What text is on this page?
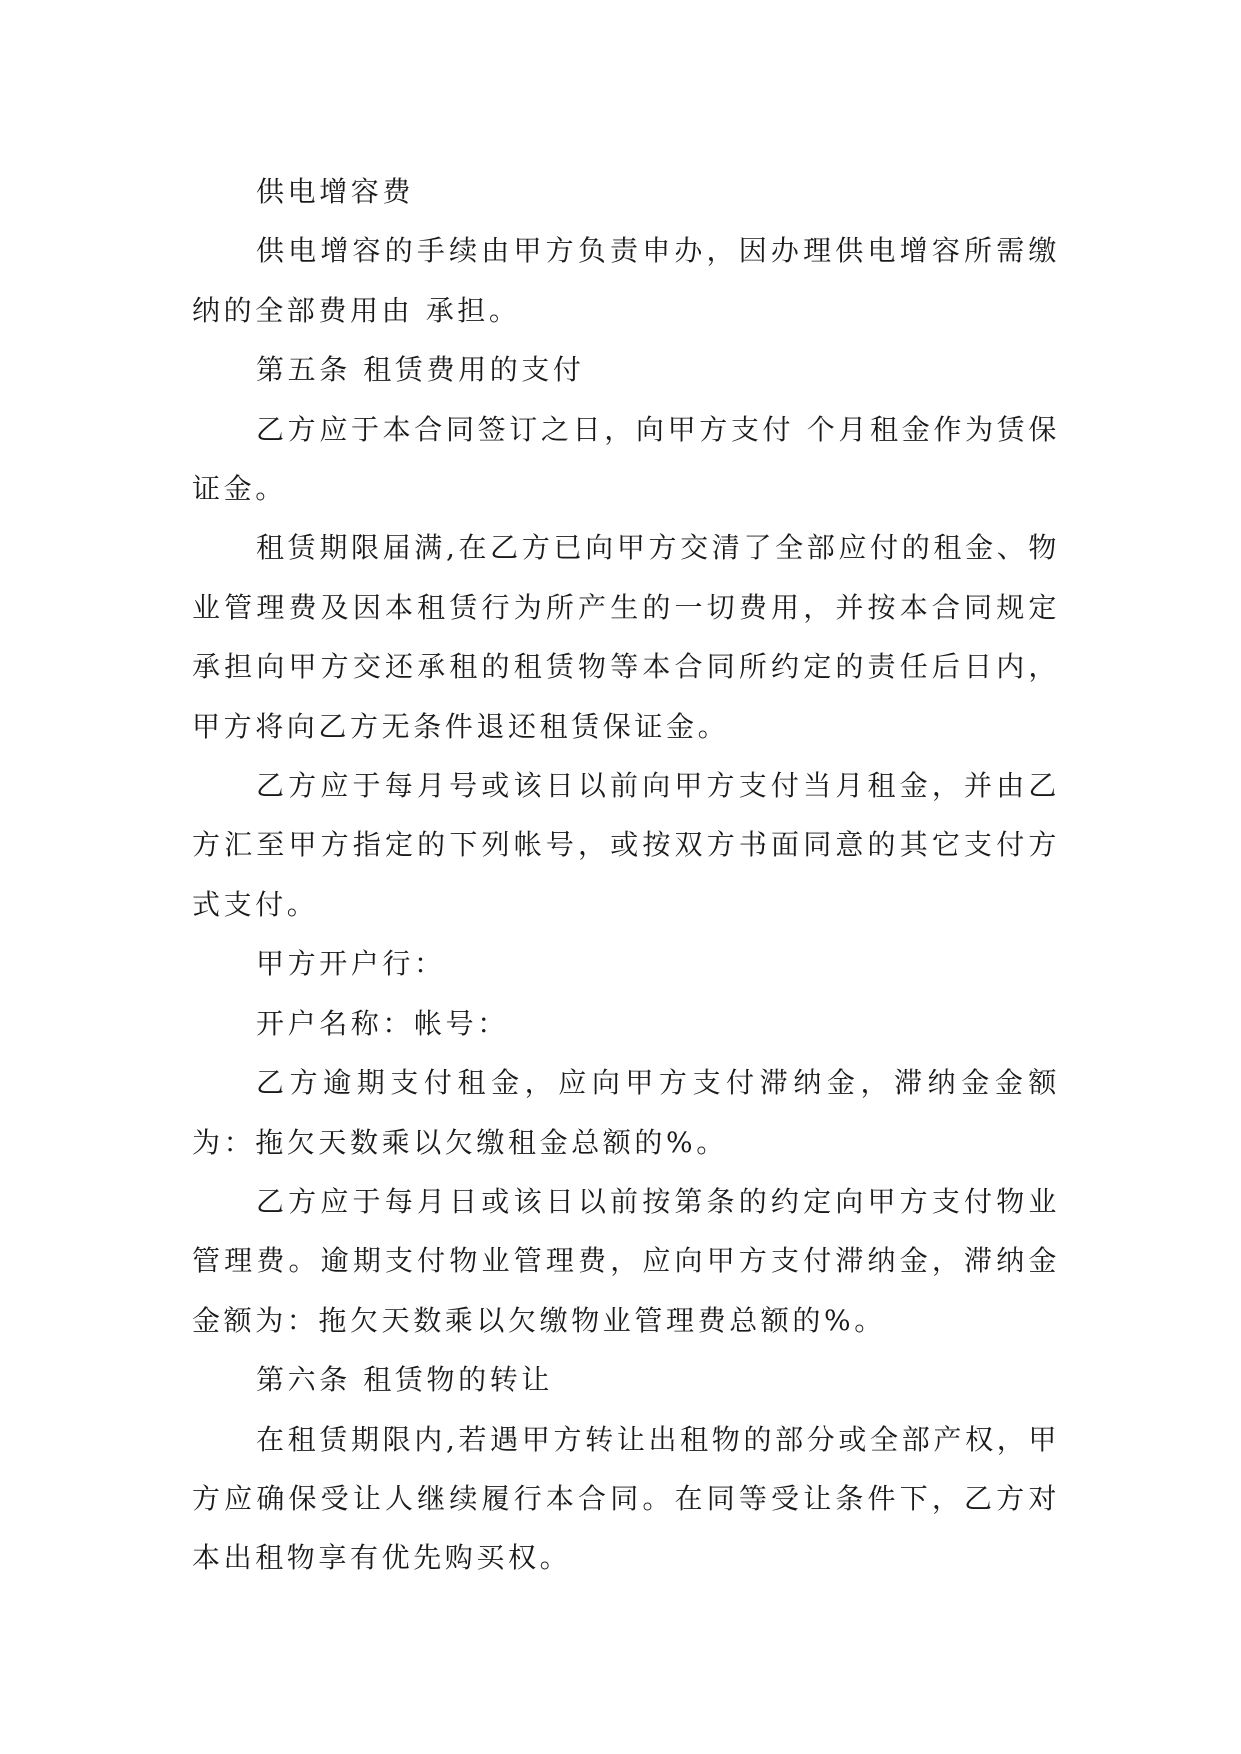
供电增容费

供电增容的手续由甲方负责申办，因办理供电增容所需缴纳的全部费用由 承担。

第五条 租赁费用的支付

乙方应于本合同签订之日，向甲方支付 个月租金作为赁保证金。

租赁期限届满,在乙方已向甲方交清了全部应付的租金、物业管理费及因本租赁行为所产生的一切费用，并按本合同规定承担向甲方交还承租的租赁物等本合同所约定的责任后日内，甲方将向乙方无条件退还租赁保证金。

乙方应于每月号或该日以前向甲方支付当月租金，并由乙方汇至甲方指定的下列帐号，或按双方书面同意的其它支付方式支付。

甲方开户行：

开户名称：帐号：

乙方逾期支付租金，应向甲方支付滞纳金，滞纳金金额为：拖欠天数乘以欠缴租金总额的%。

乙方应于每月日或该日以前按第条的约定向甲方支付物业管理费。逾期支付物业管理费，应向甲方支付滞纳金，滞纳金金额为：拖欠天数乘以欠缴物业管理费总额的%。

第六条 租赁物的转让

在租赁期限内,若遇甲方转让出租物的部分或全部产权，甲方应确保受让人继续履行本合同。在同等受让条件下，乙方对本出租物享有优先购买权。
